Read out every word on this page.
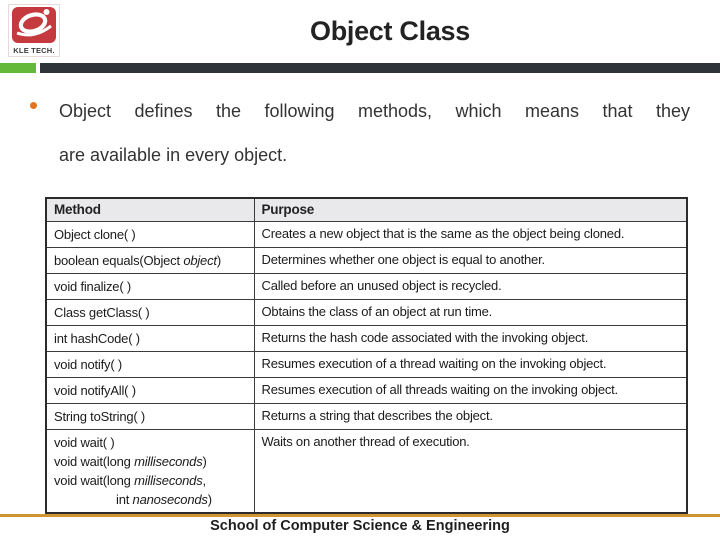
KLE TECH.
Object Class
Object defines the following methods, which means that they
are available in every object.
Method	Purpose

Object clone( )	Creates a new object that is the same as the object being cloned.

boolean equals(Object object)	Determines whether one object is equal to another.

void finalize( )	Called before an unused object is recycled.

Class getClass( )	Obtains the class of an object at run time.

int hashCode( )	Returns the hash code associated with the invoking object.

void notify( )	Resumes execution of a thread waiting on the invoking object.

void notifyAll( )	Resumes execution of all threads waiting on the invoking object.

String toString( )	Returns a string that describes the object.

void wait( )
void wait(long milliseconds)
void wait(long milliseconds,
int nanoseconds)	Waits on another thread of execution.
School of Computer Science & Engineering
